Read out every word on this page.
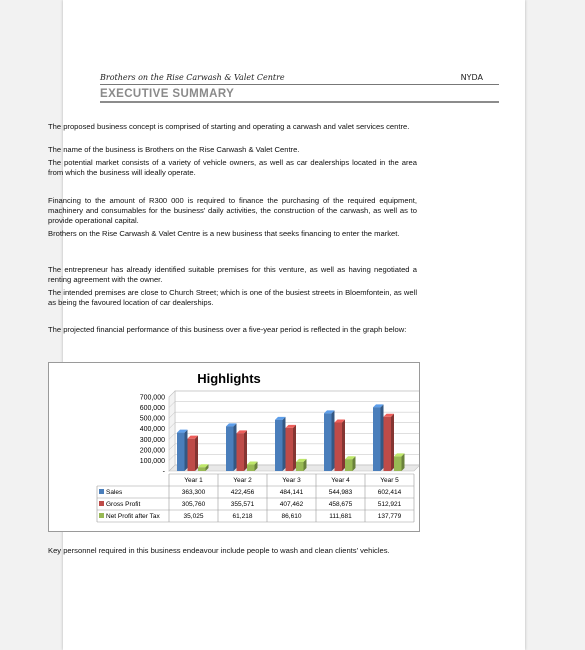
Brothers on the Rise Carwash & Valet Centre	NYDA
EXECUTIVE SUMMARY
The proposed business concept is comprised of starting and operating a carwash and valet services centre.
The name of the business is Brothers on the Rise Carwash & Valet Centre.
The potential market consists of a variety of vehicle owners, as well as car dealerships located in the area from which the business will ideally operate.
Financing to the amount of R300 000 is required to finance the purchasing of the required equipment, machinery and consumables for the business’ daily activities, the construction of the carwash, as well as to provide operational capital.
Brothers on the Rise Carwash & Valet Centre is a new business that seeks financing to enter the market.
The entrepreneur has already identified suitable premises for this venture, as well as having negotiated a renting agreement with the owner.
The intended premises are close to Church Street; which is one of the busiest streets in Bloemfontein, as well as being the favoured location of car dealerships.
The projected financial performance of this business over a five-year period is reflected in the graph below:
Key personnel required in this business endeavour include people to wash and clean clients’ vehicles.
Highlights
700,000
600,000
500,000
400,000
300,000
200,000
100,000
-
Year 1	Year 2	Year 3	Year 4	Year 5
Sales	363,300	422,456	484,141	544,983	602,414
Gross Profit	305,760	355,571	407,462	458,675	512,921
Net Profit after Tax	35,025	61,218	86,610	111,681	137,779
